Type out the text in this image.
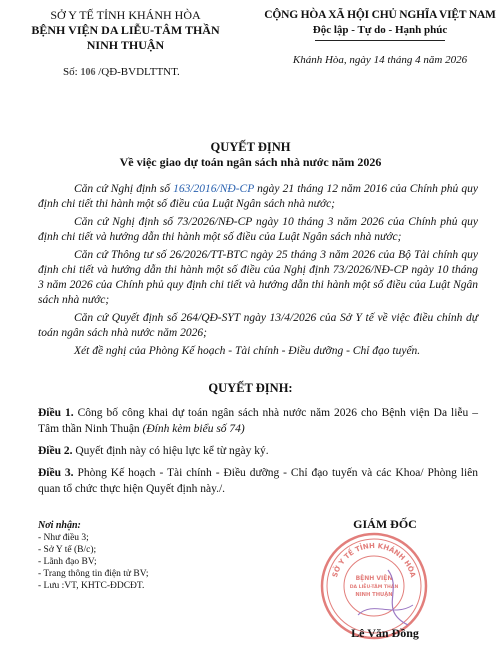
SỞ Y TẾ TỈNH KHÁNH HÒA
BỆNH VIỆN DA LIỄU-TÂM THẦN
NINH THUẬN
Số: 106 /QĐ-BVDLTTNT.
CỘNG HÒA XÃ HỘI CHỦ NGHĨA VIỆT NAM
Độc lập - Tự do - Hạnh phúc
Khánh Hòa, ngày 14 tháng 4 năm 2026
QUYẾT ĐỊNH
Về việc giao dự toán ngân sách nhà nước năm 2026

Căn cứ Nghị định số 163/2016/NĐ-CP ngày 21 tháng 12 năm 2016 của Chính phủ quy định chi tiết thi hành một số điều của Luật Ngân sách nhà nước;

Căn cứ Nghị định số 73/2026/NĐ-CP ngày 10 tháng 3 năm 2026 của Chính phủ quy định chi tiết và hướng dẫn thi hành một số điều của Luật Ngân sách nhà nước;

Căn cứ Thông tư số 26/2026/TT-BTC ngày 25 tháng 3 năm 2026 của Bộ Tài chính quy định chi tiết và hướng dẫn thi hành một số điều của Nghị định 73/2026/NĐ-CP ngày 10 tháng 3 năm 2026 của Chính phủ quy định chi tiết và hướng dẫn thi hành một số điều của Luật Ngân sách nhà nước;

Căn cứ Quyết định số 264/QĐ-SYT ngày 13/4/2026 của Sở Y tế về việc điều chỉnh dự toán ngân sách nhà nước năm 2026;

Xét đề nghị của Phòng Kế hoạch - Tài chính - Điều dưỡng - Chỉ đạo tuyến.

QUYẾT ĐỊNH:

Điều 1. Công bố công khai dự toán ngân sách nhà nước năm 2026 cho Bệnh viện Da liễu – Tâm thần Ninh Thuận (Đính kèm biểu số 74)

Điều 2. Quyết định này có hiệu lực kể từ ngày ký.

Điều 3. Phòng Kế hoạch - Tài chính - Điều dưỡng - Chỉ đạo tuyến và các Khoa/ Phòng liên quan tổ chức thực hiện Quyết định này./.

Nơi nhận:
- Như điều 3;
- Sở Y tế (B/c);
- Lãnh đạo BV;
- Trang thông tin điện tử BV;
- Lưu :VT, KHTC-ĐDCĐT.
GIÁM ĐỐC
SỞ Y TẾ TỈNH KHÁNH HÒA
BỆNH VIỆN
DA LIỄU-TÂM THẦN
NINH THUẬN
Lê Văn Đồng
